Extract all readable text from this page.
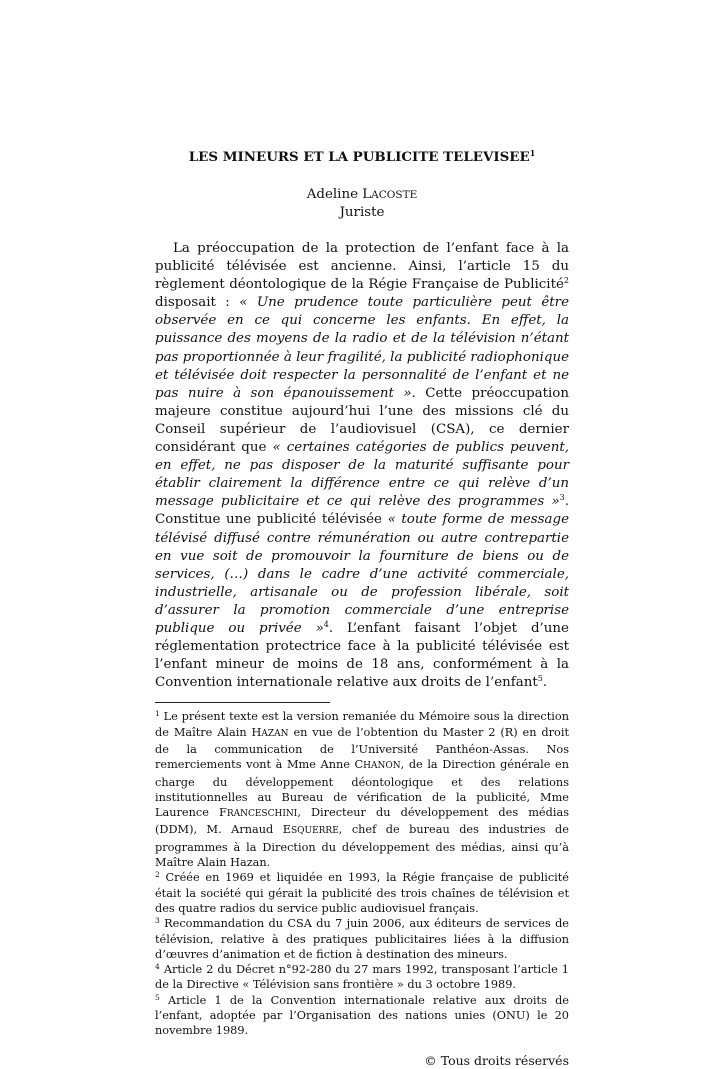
LES MINEURS ET LA PUBLICITE TELEVISEE$^1$
Adeline LACOSTE
Juriste

La préoccupation de la protection de l’enfant face à la publicité télévisée est ancienne. Ainsi, l’article 15 du règlement déontologique de la Régie Française de Publicité$^2$ disposait : « Une prudence toute particulière peut être observée en ce qui concerne les enfants. En effet, la puissance des moyens de la radio et de la télévision n’étant pas proportionnée à leur fragilité, la publicité radiophonique et télévisée doit respecter la personnalité de l’enfant et ne pas nuire à son épanouissement ». Cette préoccupation majeure constitue aujourd’hui l’une des missions clé du Conseil supérieur de l’audiovisuel (CSA), ce dernier considérant que « certaines catégories de publics peuvent, en effet, ne pas disposer de la maturité suffisante pour établir clairement la différence entre ce qui relève d’un message publicitaire et ce qui relève des programmes »$^3$. Constitue une publicité télévisée « toute forme de message télévisé diffusé contre rémunération ou autre contrepartie en vue soit de promouvoir la fourniture de biens ou de services, (…) dans le cadre d’une activité commerciale, industrielle, artisanale ou de profession libérale, soit d’assurer la promotion commerciale d’une entreprise publique ou privée »$^4$. L’enfant faisant l’objet d’une réglementation protectrice face à la publicité télévisée est l’enfant mineur de moins de 18 ans, conformément à la Convention internationale relative aux droits de l’enfant$^5$.

$^1$ Le présent texte est la version remaniée du Mémoire sous la direction de Maître Alain HAZAN en vue de l’obtention du Master 2 (R) en droit de la communication de l’Université Panthéon-Assas. Nos remerciements vont à Mme Anne CHANON, de la Direction générale en charge du développement déontologique et des relations institutionnelles au Bureau de vérification de la publicité, Mme Laurence FRANCESCHINI, Directeur du développement des médias (DDM), M. Arnaud ESQUERRE, chef de bureau des industries de programmes à la Direction du développement des médias, ainsi qu’à Maître Alain Hazan.

$^2$ Créée en 1969 et liquidée en 1993, la Régie française de publicité était la société qui gérait la publicité des trois chaînes de télévision et des quatre radios du service public audiovisuel français.

$^3$ Recommandation du CSA du 7 juin 2006, aux éditeurs de services de télévision, relative à des pratiques publicitaires liées à la diffusion d’œuvres d’animation et de fiction à destination des mineurs.

$^4$ Article 2 du Décret n°92-280 du 27 mars 1992, transposant l’article 1 de la Directive « Télévision sans frontière » du 3 octobre 1989.

$^5$ Article 1 de la Convention internationale relative aux droits de l’enfant, adoptée par l’Organisation des nations unies (ONU) le 20 novembre 1989.

© Tous droits réservés
